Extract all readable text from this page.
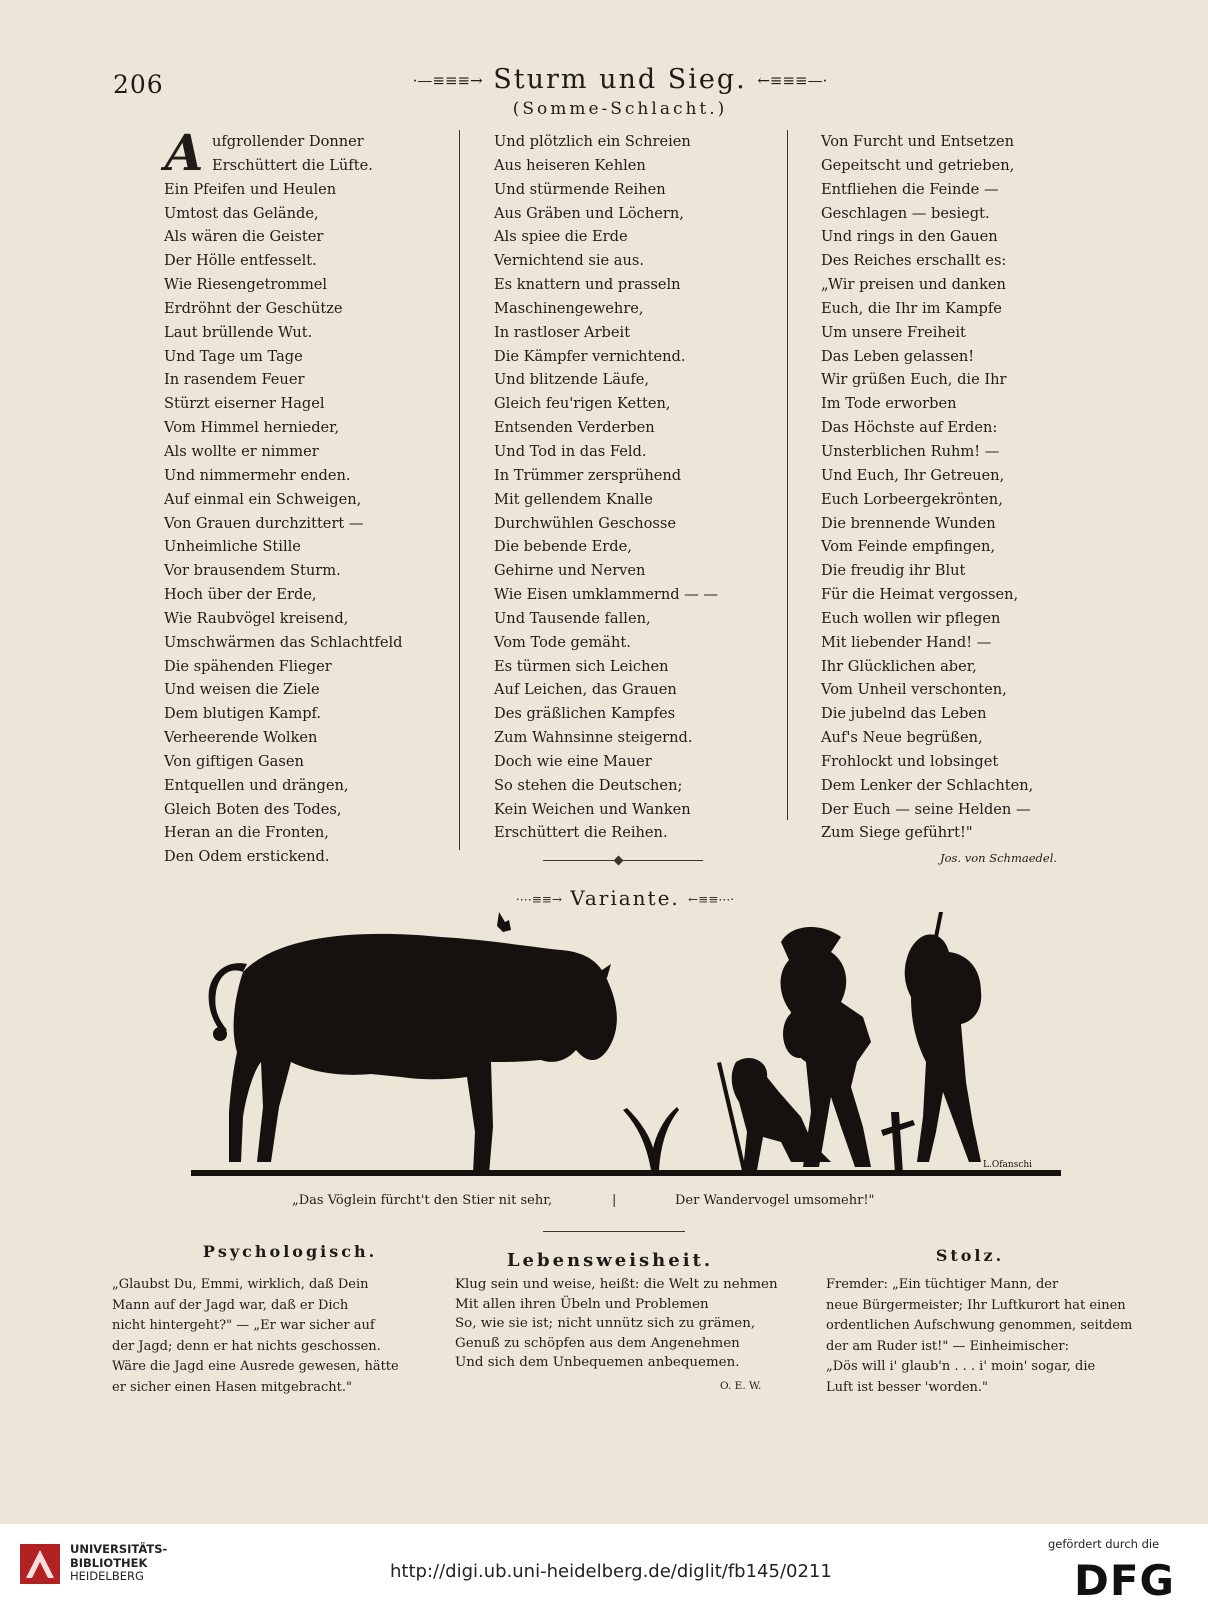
206	·—≡≡≡→ Sturm und Sieg. ←≡≡≡—·
(Somme-Schlacht.)
A ufgrollender Donner
Erschüttert die Lüfte.
Ein Pfeifen und Heulen
Umtost das Gelände,
Als wären die Geister
Der Hölle entfesselt.
Wie Riesengetrommel
Erdröhnt der Geschütze
Laut brüllende Wut.
Und Tage um Tage
In rasendem Feuer
Stürzt eiserner Hagel
Vom Himmel hernieder,
Als wollte er nimmer
Und nimmermehr enden.
Auf einmal ein Schweigen,
Von Grauen durchzittert —
Unheimliche Stille
Vor brausendem Sturm.
Hoch über der Erde,
Wie Raubvögel kreisend,
Umschwärmen das Schlachtfeld
Die spähenden Flieger
Und weisen die Ziele
Dem blutigen Kampf.
Verheerende Wolken
Von giftigen Gasen
Entquellen und drängen,
Gleich Boten des Todes,
Heran an die Fronten,
Den Odem erstickend.
Und plötzlich ein Schreien
Aus heiseren Kehlen
Und stürmende Reihen
Aus Gräben und Löchern,
Als spiee die Erde
Vernichtend sie aus.
Es knattern und prasseln
Maschinengewehre,
In rastloser Arbeit
Die Kämpfer vernichtend.
Und blitzende Läufe,
Gleich feu'rigen Ketten,
Entsenden Verderben
Und Tod in das Feld.
In Trümmer zersprühend
Mit gellendem Knalle
Durchwühlen Geschosse
Die bebende Erde,
Gehirne und Nerven
Wie Eisen umklammernd — —
Und Tausende fallen,
Vom Tode gemäht.
Es türmen sich Leichen
Auf Leichen, das Grauen
Des gräßlichen Kampfes
Zum Wahnsinne steigernd.
Doch wie eine Mauer
So stehen die Deutschen;
Kein Weichen und Wanken
Erschüttert die Reihen.
Von Furcht und Entsetzen
Gepeitscht und getrieben,
Entfliehen die Feinde —
Geschlagen — besiegt.
Und rings in den Gauen
Des Reiches erschallt es:
„Wir preisen und danken
Euch, die Ihr im Kampfe
Um unsere Freiheit
Das Leben gelassen!
Wir grüßen Euch, die Ihr
Im Tode erworben
Das Höchste auf Erden:
Unsterblichen Ruhm! —
Und Euch, Ihr Getreuen,
Euch Lorbeergekrönten,
Die brennende Wunden
Vom Feinde empfingen,
Die freudig ihr Blut
Für die Heimat vergossen,
Euch wollen wir pflegen
Mit liebender Hand! —
Ihr Glücklichen aber,
Vom Unheil verschonten,
Die jubelnd das Leben
Auf's Neue begrüßen,
Frohlockt und lobsinget
Dem Lenker der Schlachten,
Der Euch — seine Helden —
Zum Siege geführt!"
Jos. von Schmaedel.
·⋯≡≡→ Variante. ←≡≡⋯·
L.Ofanschi
„Das Vöglein fürcht't den Stier nit sehr,	|	Der Wandervogel umsomehr!"
Psychologisch.
„Glaubst Du, Emmi, wirklich, daß Dein
Mann auf der Jagd war, daß er Dich
nicht hintergeht?" — „Er war sicher auf
der Jagd; denn er hat nichts geschossen.
Wäre die Jagd eine Ausrede gewesen, hätte
er sicher einen Hasen mitgebracht."
Lebensweisheit.
Klug sein und weise, heißt: die Welt zu nehmen
Mit allen ihren Übeln und Problemen
So, wie sie ist; nicht unnütz sich zu grämen,
Genuß zu schöpfen aus dem Angenehmen
Und sich dem Unbequemen anbequemen.
O. E. W.
Stolz.
Fremder: „Ein tüchtiger Mann, der
neue Bürgermeister; Ihr Luftkurort hat einen
ordentlichen Aufschwung genommen, seitdem
der am Ruder ist!" — Einheimischer:
„Dös will i' glaub'n . . . i' moin' sogar, die
Luft ist besser 'worden."
UNIVERSITÄTS-
BIBLIOTHEK
HEIDELBERG	http://digi.ub.uni-heidelberg.de/diglit/fb145/0211
gefördert durch die
DFG
